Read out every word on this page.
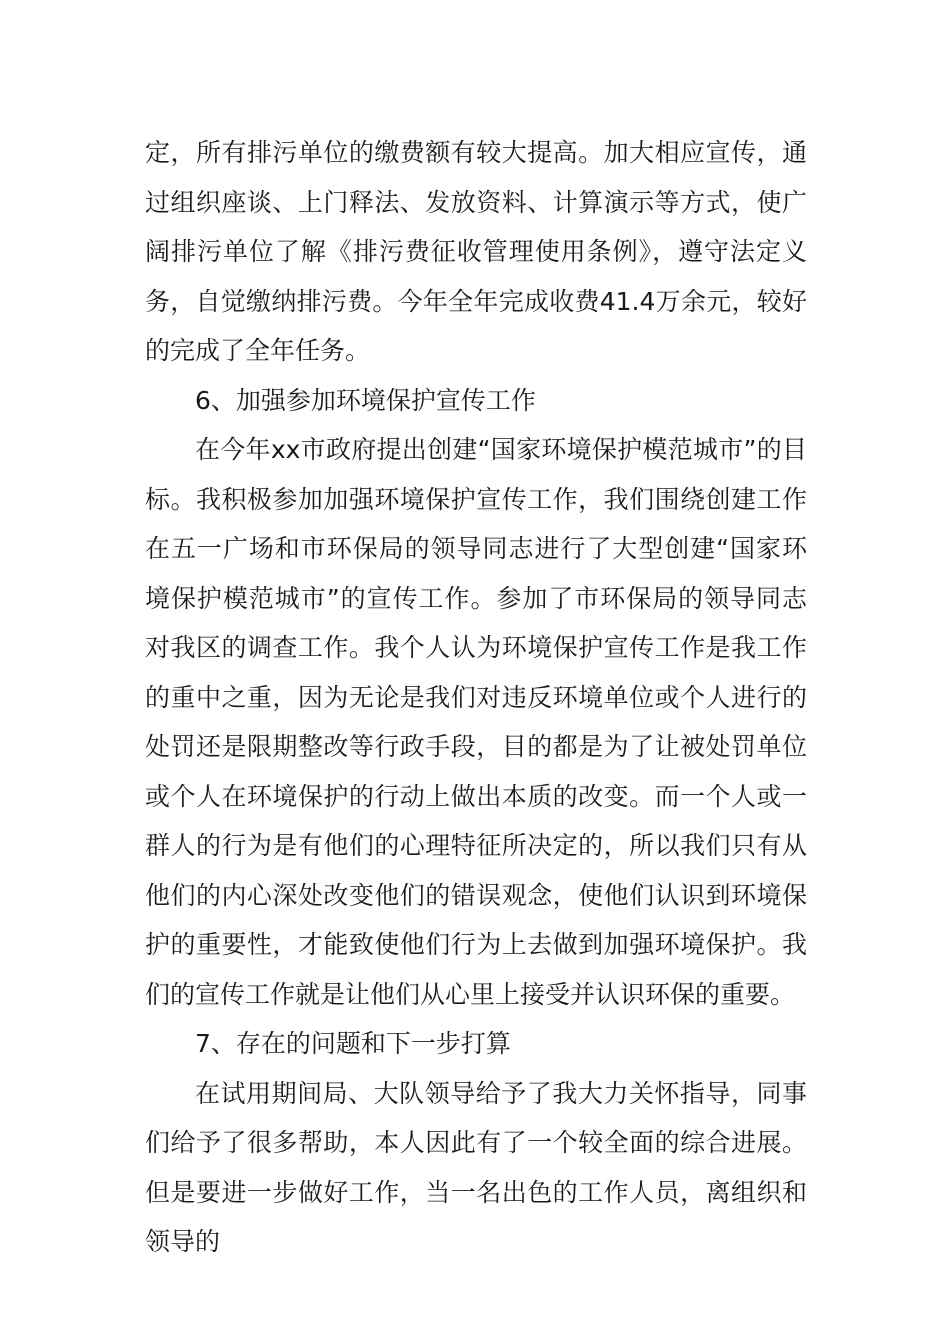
定，所有排污单位的缴费额有较大提高。加大相应宣传，通过组织座谈、上门释法、发放资料、计算演示等方式，使广阔排污单位了解《排污费征收管理使用条例》，遵守法定义务，自觉缴纳排污费。今年全年完成收费41.4万余元，较好的完成了全年任务。

6、加强参加环境保护宣传工作

在今年xx市政府提出创建“国家环境保护模范城市”的目标。我积极参加加强环境保护宣传工作，我们围绕创建工作在五一广场和市环保局的领导同志进行了大型创建“国家环境保护模范城市”的宣传工作。参加了市环保局的领导同志对我区的调查工作。我个人认为环境保护宣传工作是我工作的重中之重，因为无论是我们对违反环境单位或个人进行的处罚还是限期整改等行政手段，目的都是为了让被处罚单位或个人在环境保护的行动上做出本质的改变。而一个人或一群人的行为是有他们的心理特征所决定的，所以我们只有从他们的内心深处改变他们的错误观念，使他们认识到环境保护的重要性，才能致使他们行为上去做到加强环境保护。我们的宣传工作就是让他们从心里上接受并认识环保的重要。

7、存在的问题和下一步打算

在试用期间局、大队领导给予了我大力关怀指导，同事们给予了很多帮助，本人因此有了一个较全面的综合进展。但是要进一步做好工作，当一名出色的工作人员，离组织和领导的
